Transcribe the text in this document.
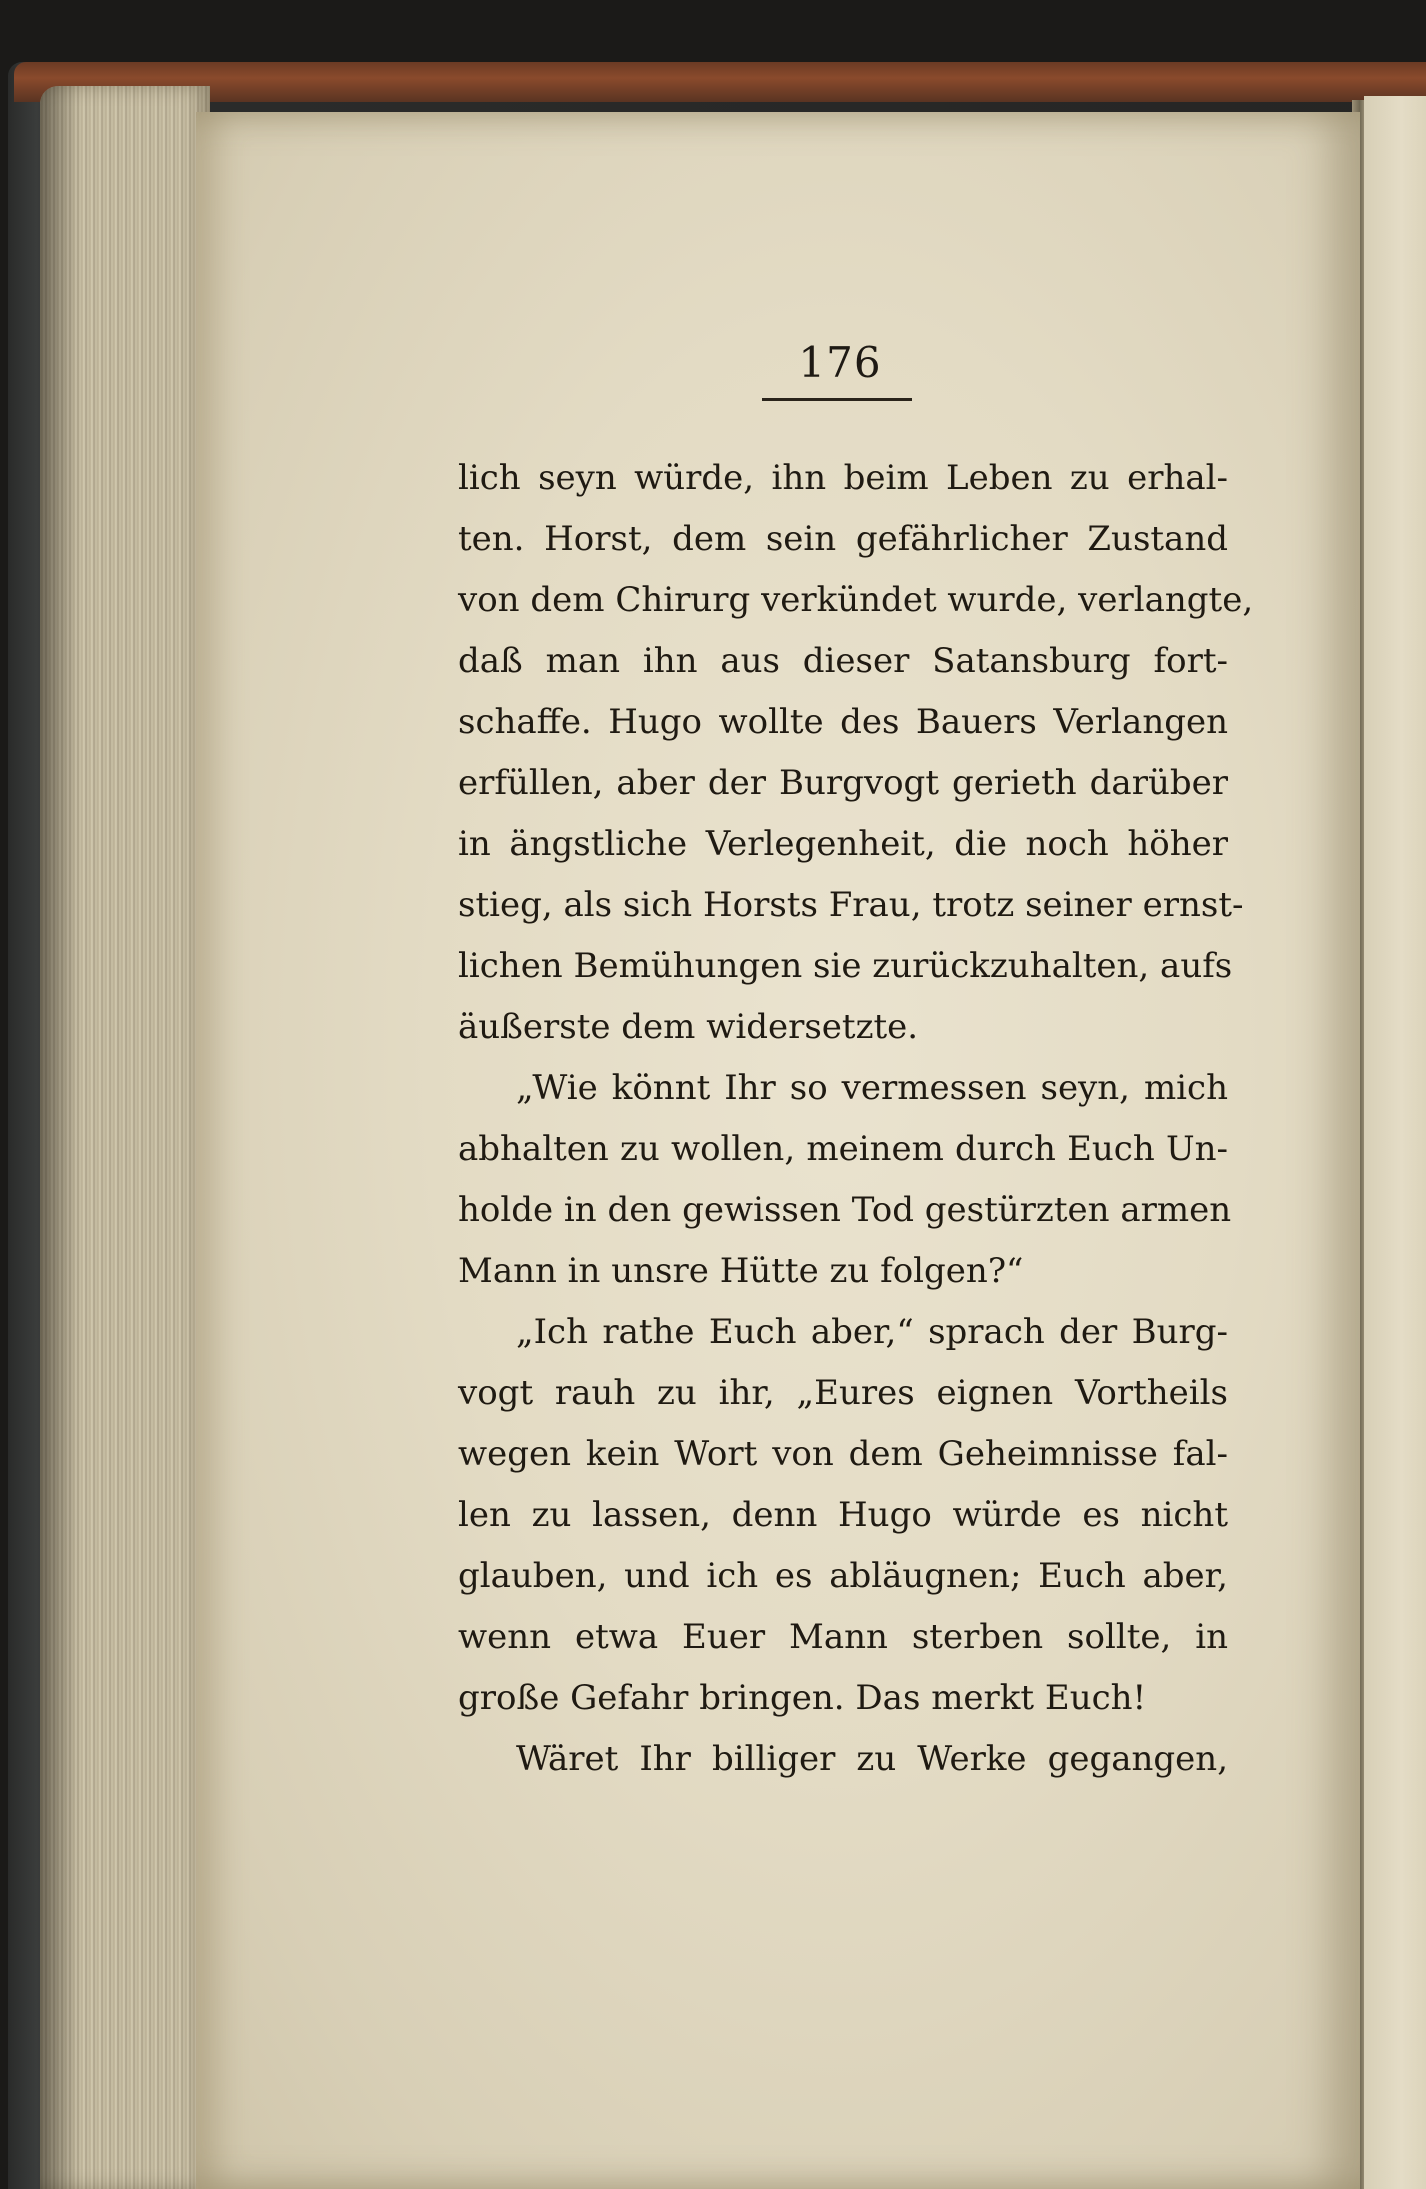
176
lich seyn würde, ihn beim Leben zu erhal-
ten. Horst, dem sein gefährlicher Zustand
von dem Chirurg verkündet wurde, verlangte,
daß man ihn aus dieser Satansburg fort-
schaffe. Hugo wollte des Bauers Verlangen
erfüllen, aber der Burgvogt gerieth darüber
in ängstliche Verlegenheit, die noch höher
stieg, als sich Horsts Frau, trotz seiner ernst-
lichen Bemühungen sie zurückzuhalten, aufs
äußerste dem widersetzte.
„Wie könnt Ihr so vermessen seyn, mich
abhalten zu wollen, meinem durch Euch Un-
holde in den gewissen Tod gestürzten armen
Mann in unsre Hütte zu folgen?“
„Ich rathe Euch aber,“ sprach der Burg-
vogt rauh zu ihr, „Eures eignen Vortheils
wegen kein Wort von dem Geheimnisse fal-
len zu lassen, denn Hugo würde es nicht
glauben, und ich es abläugnen; Euch aber,
wenn etwa Euer Mann sterben sollte, in
große Gefahr bringen. Das merkt Euch!
Wäret Ihr billiger zu Werke gegangen,
